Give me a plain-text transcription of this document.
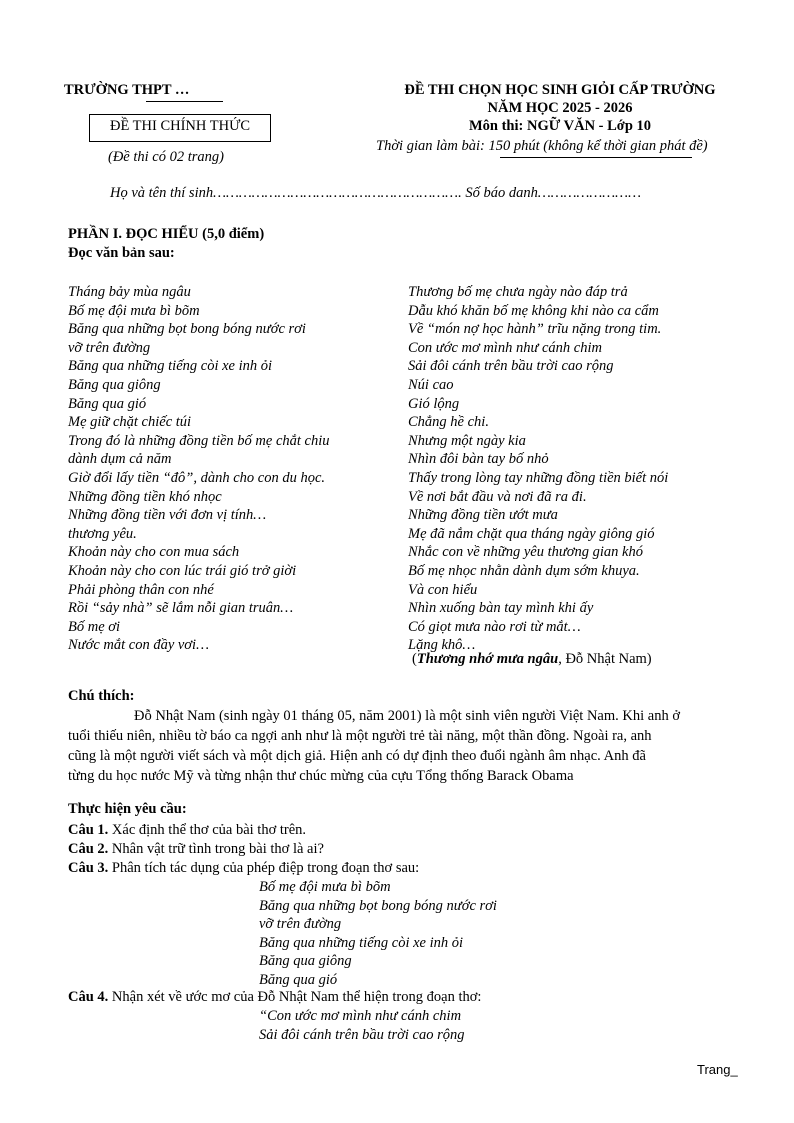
TRƯỜNG THPT …
ĐỀ THI CHÍNH THỨC
(Đề thi có 02 trang)
ĐỀ THI CHỌN HỌC SINH GIỎI CẤP TRƯỜNG
NĂM HỌC 2025 - 2026
Môn thi: NGỮ VĂN - Lớp 10
Thời gian làm bài: 150 phút (không kể thời gian phát đề)
Họ và tên thí sinh…………………………………………………. Số báo danh……………………
PHẦN I. ĐỌC HIỂU (5,0 điểm)
Đọc văn bản sau:
Tháng bảy mùa ngâu
Bố mẹ đội mưa bì bõm
Băng qua những bọt bong bóng nước rơi
vỡ trên đường
Băng qua những tiếng còi xe inh ỏi
Băng qua giông
Băng qua gió
Mẹ giữ chặt chiếc túi
Trong đó là những đồng tiền bố mẹ chắt chiu
dành dụm cả năm
Giờ đổi lấy tiền “đô”, dành cho con du học.
Những đồng tiền khó nhọc
Những đồng tiền với đơn vị tính…
thương yêu.
Khoản này cho con mua sách
Khoản này cho con lúc trái gió trở giời
Phải phòng thân con nhé
Rồi “sảy nhà” sẽ lắm nỗi gian truân…
Bố mẹ ơi
Nước mắt con đầy vơi…
Thương bố mẹ chưa ngày nào đáp trả
Dẫu khó khăn bố mẹ không khi nào ca cẩm
Về “món nợ học hành” trĩu nặng trong tim.
Con ước mơ mình như cánh chim
Sải đôi cánh trên bầu trời cao rộng
Núi cao
Gió lộng
Chẳng hề chi.
Nhưng một ngày kia
Nhìn đôi bàn tay bố nhỏ
Thấy trong lòng tay những đồng tiền biết nói
Về nơi bắt đầu và nơi đã ra đi.
Những đồng tiền ướt mưa
Mẹ đã nắm chặt qua tháng ngày giông gió
Nhắc con về những yêu thương gian khó
Bố mẹ nhọc nhằn dành dụm sớm khuya.
Và con hiểu
Nhìn xuống bàn tay mình khi ấy
Có giọt mưa nào rơi từ mắt…
Lặng khô…
(Thương nhớ mưa ngâu, Đỗ Nhật Nam)
Chú thích:
Đỗ Nhật Nam (sinh ngày 01 tháng 05, năm 2001) là một sinh viên người Việt Nam. Khi anh ở
tuổi thiếu niên, nhiều tờ báo ca ngợi anh như là một người trẻ tài năng, một thần đồng. Ngoài ra, anh
cũng là một người viết sách và một dịch giả. Hiện anh có dự định theo đuổi ngành âm nhạc. Anh đã
từng du học nước Mỹ và từng nhận thư chúc mừng của cựu Tổng thống Barack Obama
Thực hiện yêu cầu:
Câu 1. Xác định thể thơ của bài thơ trên.
Câu 2. Nhân vật trữ tình trong bài thơ là ai?
Câu 3. Phân tích tác dụng của phép điệp trong đoạn thơ sau:
Bố mẹ đội mưa bì bõm
Băng qua những bọt bong bóng nước rơi
vỡ trên đường
Băng qua những tiếng còi xe inh ỏi
Băng qua giông
Băng qua gió
Câu 4. Nhận xét về ước mơ của Đỗ Nhật Nam thể hiện trong đoạn thơ:
“Con ước mơ mình như cánh chim
Sải đôi cánh trên bầu trời cao rộng
Trang_
